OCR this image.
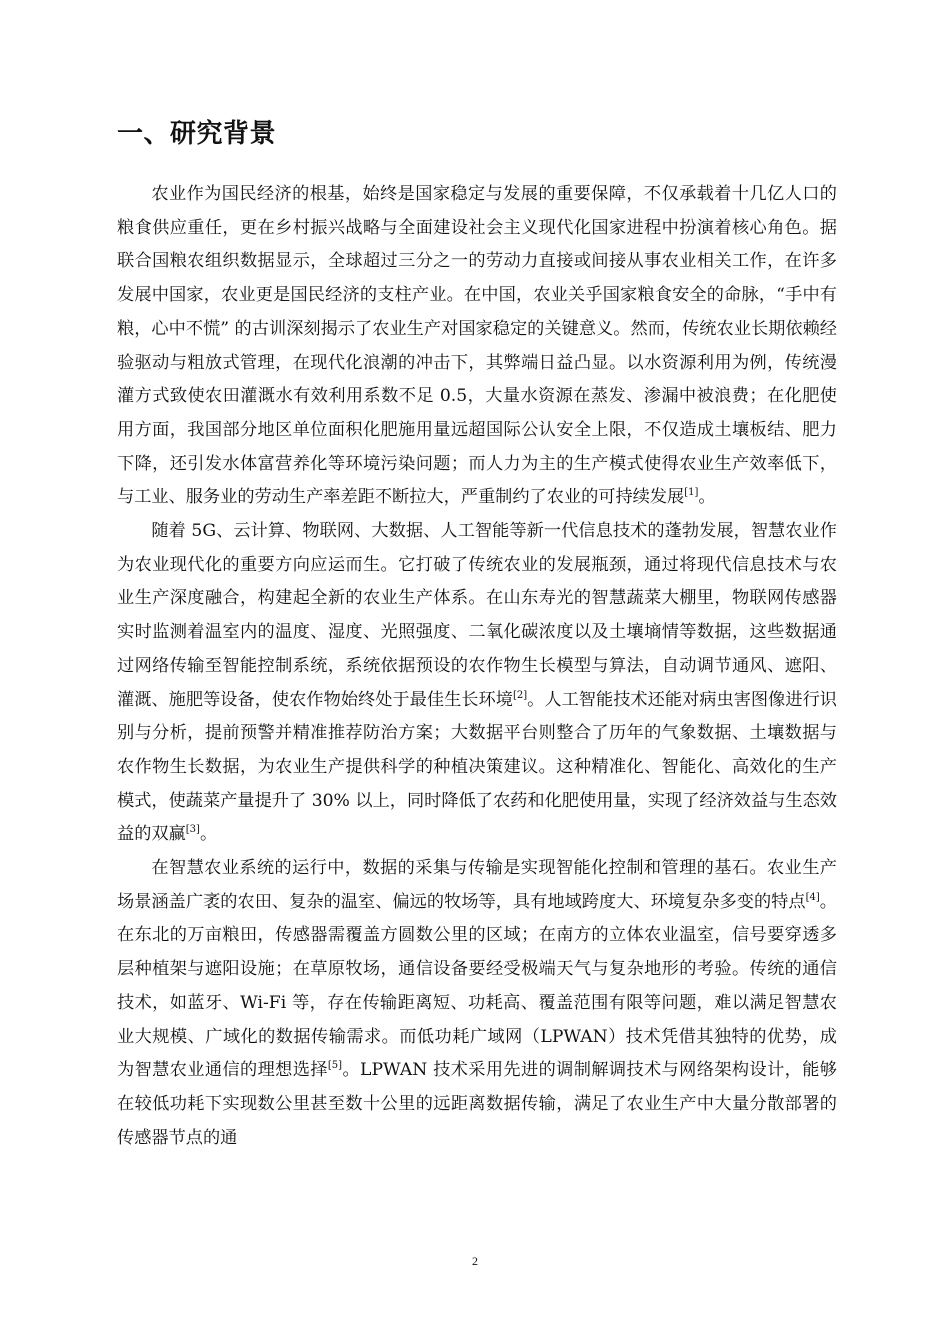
一、研究背景

农业作为国民经济的根基，始终是国家稳定与发展的重要保障，不仅承载着十几亿人口的粮食供应重任，更在乡村振兴战略与全面建设社会主义现代化国家进程中扮演着核心角色。据联合国粮农组织数据显示，全球超过三分之一的劳动力直接或间接从事农业相关工作，在许多发展中国家，农业更是国民经济的支柱产业。在中国，农业关乎国家粮食安全的命脉，“手中有粮，心中不慌” 的古训深刻揭示了农业生产对国家稳定的关键意义。然而，传统农业长期依赖经验驱动与粗放式管理，在现代化浪潮的冲击下，其弊端日益凸显。以水资源利用为例，传统漫灌方式致使农田灌溉水有效利用系数不足 0.5，大量水资源在蒸发、渗漏中被浪费；在化肥使用方面，我国部分地区单位面积化肥施用量远超国际公认安全上限，不仅造成土壤板结、肥力下降，还引发水体富营养化等环境污染问题；而人力为主的生产模式使得农业生产效率低下，与工业、服务业的劳动生产率差距不断拉大，严重制约了农业的可持续发展[1]。

随着 5G、云计算、物联网、大数据、人工智能等新一代信息技术的蓬勃发展，智慧农业作为农业现代化的重要方向应运而生。它打破了传统农业的发展瓶颈，通过将现代信息技术与农业生产深度融合，构建起全新的农业生产体系。在山东寿光的智慧蔬菜大棚里，物联网传感器实时监测着温室内的温度、湿度、光照强度、二氧化碳浓度以及土壤墒情等数据，这些数据通过网络传输至智能控制系统，系统依据预设的农作物生长模型与算法，自动调节通风、遮阳、灌溉、施肥等设备，使农作物始终处于最佳生长环境[2]。人工智能技术还能对病虫害图像进行识别与分析，提前预警并精准推荐防治方案；大数据平台则整合了历年的气象数据、土壤数据与农作物生长数据，为农业生产提供科学的种植决策建议。这种精准化、智能化、高效化的生产模式，使蔬菜产量提升了 30% 以上，同时降低了农药和化肥使用量，实现了经济效益与生态效益的双赢[3]。

在智慧农业系统的运行中，数据的采集与传输是实现智能化控制和管理的基石。农业生产场景涵盖广袤的农田、复杂的温室、偏远的牧场等，具有地域跨度大、环境复杂多变的特点[4]。在东北的万亩粮田，传感器需覆盖方圆数公里的区域；在南方的立体农业温室，信号要穿透多层种植架与遮阳设施；在草原牧场，通信设备要经受极端天气与复杂地形的考验。传统的通信技术，如蓝牙、Wi-Fi 等，存在传输距离短、功耗高、覆盖范围有限等问题，难以满足智慧农业大规模、广域化的数据传输需求。而低功耗广域网（LPWAN）技术凭借其独特的优势，成为智慧农业通信的理想选择[5]。LPWAN 技术采用先进的调制解调技术与网络架构设计，能够在较低功耗下实现数公里甚至数十公里的远距离数据传输，满足了农业生产中大量分散部署的传感器节点的通

2
